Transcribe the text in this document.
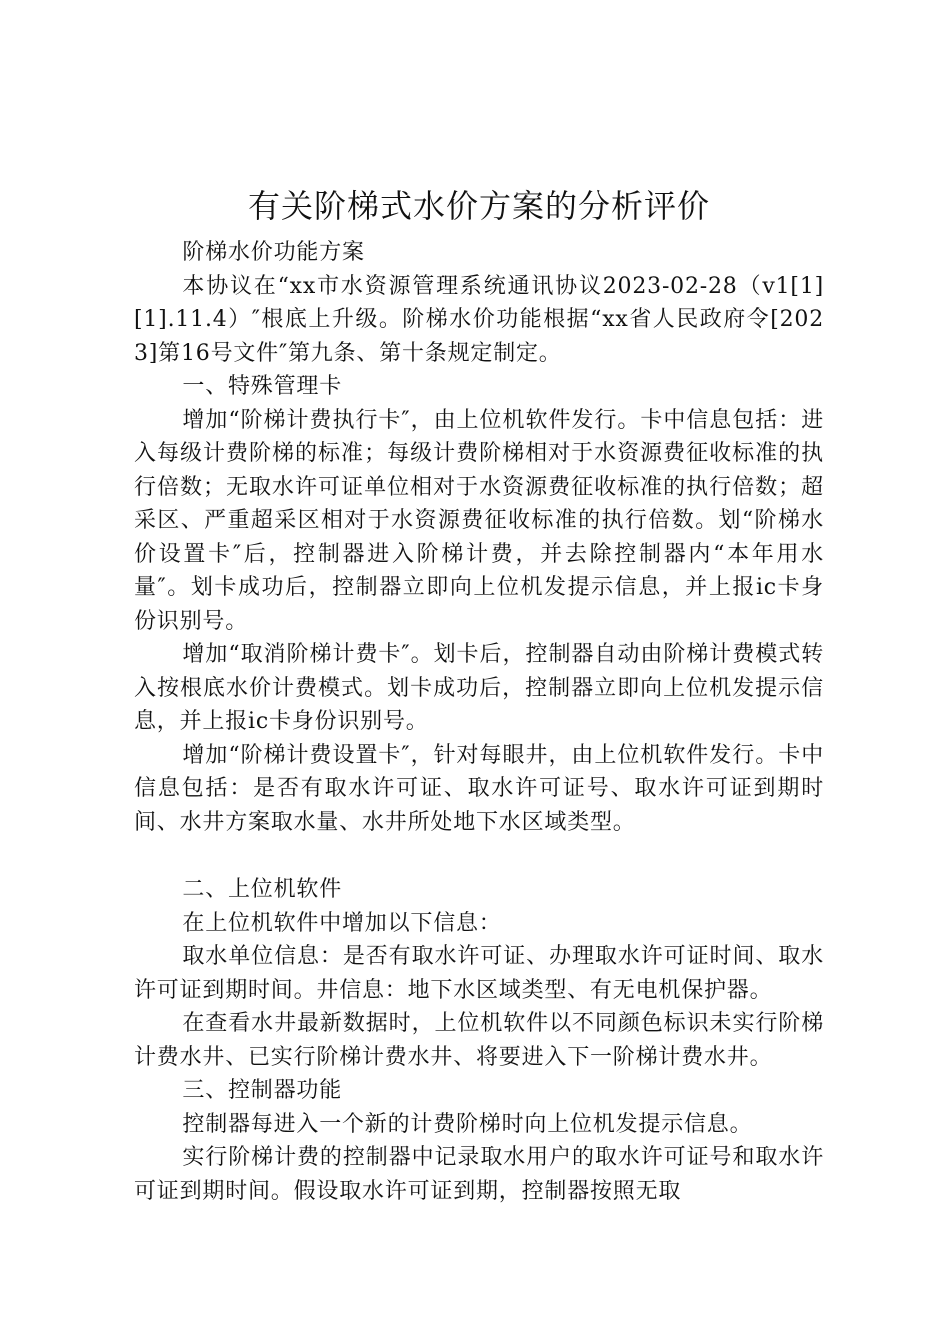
有关阶梯式水价方案的分析评价

阶梯水价功能方案

本协议在“xx市水资源管理系统通讯协议2023-02-28（v1[1][1].11.4）″根底上升级。阶梯水价功能根据“xx省人民政府令[2023]第16号文件″第九条、第十条规定制定。

一、特殊管理卡

增加“阶梯计费执行卡″，由上位机软件发行。卡中信息包括：进入每级计费阶梯的标准；每级计费阶梯相对于水资源费征收标准的执行倍数；无取水许可证单位相对于水资源费征收标准的执行倍数；超采区、严重超采区相对于水资源费征收标准的执行倍数。划“阶梯水价设置卡″后，控制器进入阶梯计费，并去除控制器内“本年用水量″。划卡成功后，控制器立即向上位机发提示信息，并上报ic卡身份识别号。

增加“取消阶梯计费卡″。划卡后，控制器自动由阶梯计费模式转入按根底水价计费模式。划卡成功后，控制器立即向上位机发提示信息，并上报ic卡身份识别号。

增加“阶梯计费设置卡″，针对每眼井，由上位机软件发行。卡中信息包括：是否有取水许可证、取水许可证号、取水许可证到期时间、水井方案取水量、水井所处地下水区域类型。

二、上位机软件

在上位机软件中增加以下信息：

取水单位信息：是否有取水许可证、办理取水许可证时间、取水许可证到期时间。井信息：地下水区域类型、有无电机保护器。

在查看水井最新数据时，上位机软件以不同颜色标识未实行阶梯计费水井、已实行阶梯计费水井、将要进入下一阶梯计费水井。

三、控制器功能

控制器每进入一个新的计费阶梯时向上位机发提示信息。

实行阶梯计费的控制器中记录取水用户的取水许可证号和取水许可证到期时间。假设取水许可证到期，控制器按照无取
